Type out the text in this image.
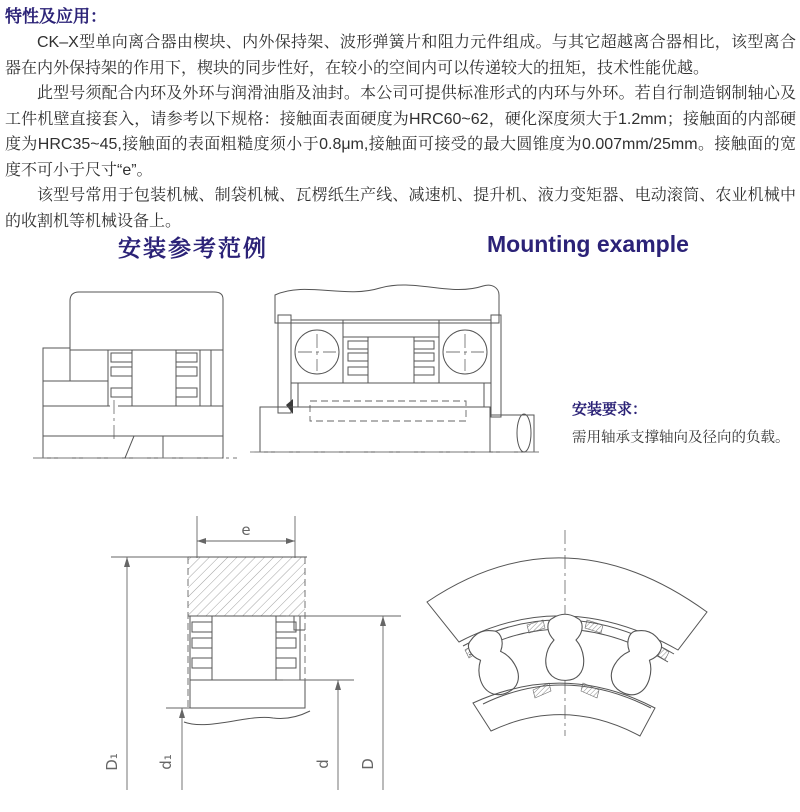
特性及应用：

CK–X型单向离合器由楔块、内外保持架、波形弹簧片和阻力元件组成。与其它超越离合器相比，该型离合器在内外保持架的作用下，楔块的同步性好，在较小的空间内可以传递较大的扭矩，技术性能优越。

此型号须配合内环及外环与润滑油脂及油封。本公司可提供标准形式的内环与外环。若自行制造钢制轴心及工件机壁直接套入，请参考以下规格：接触面表面硬度为HRC60~62，硬化深度须大于1.2mm；接触面的内部硬度为HRC35~45,接触面的表面粗糙度须小于0.8μm,接触面可接受的最大圆锥度为0.007mm/25mm。接触面的宽度不可小于尺寸“e”。

该型号常用于包装机械、制袋机械、瓦楞纸生产线、减速机、提升机、液力变矩器、电动滚筒、农业机械中的收割机等机械设备上。

安装参考范例	Mounting example
安装要求：
需用轴承支撑轴向及径向的负载。
e
D₁ d₁	d D
